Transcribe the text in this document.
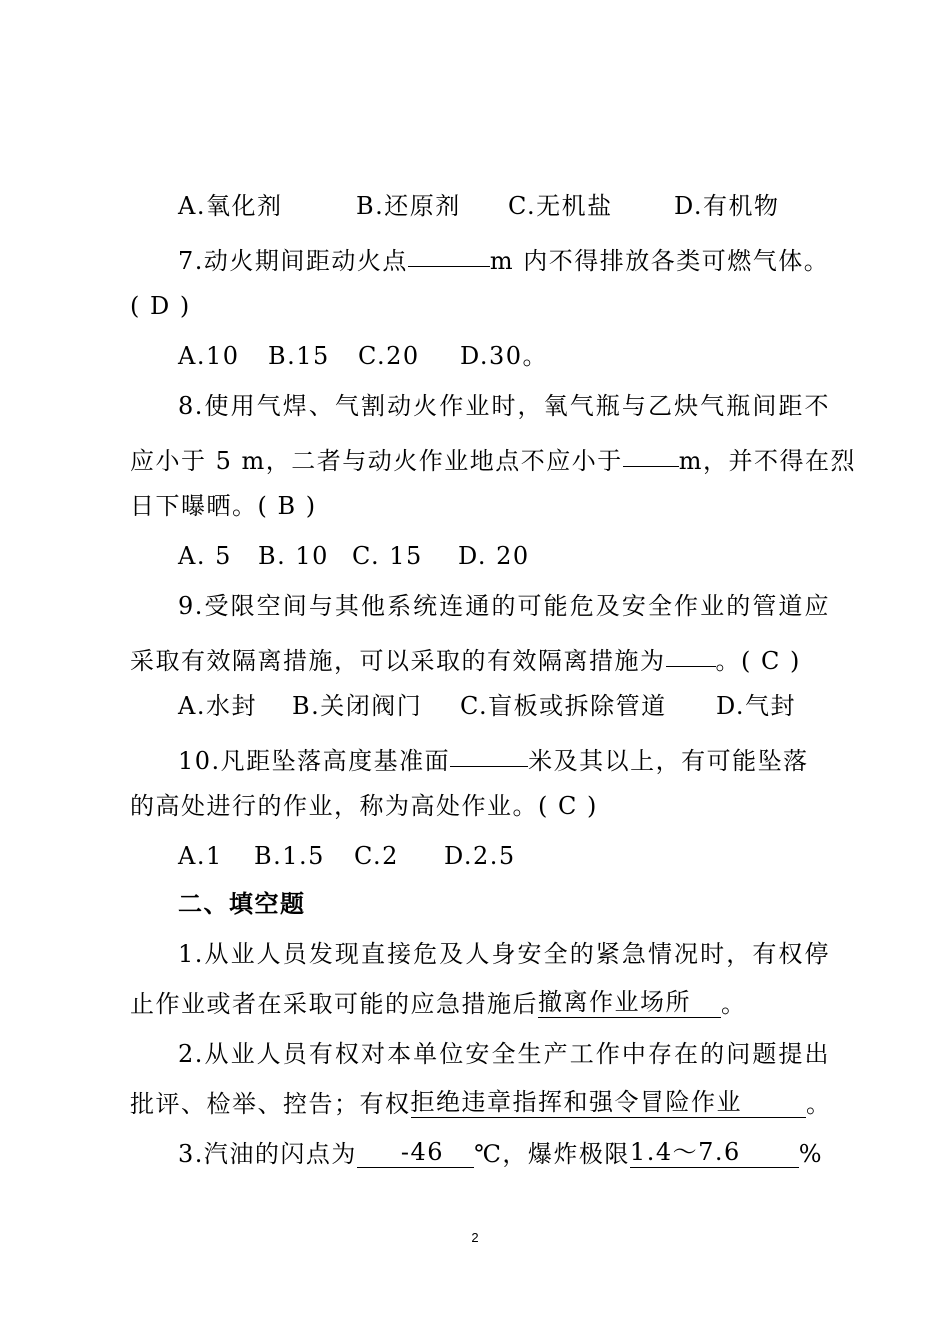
A.氧化剂	B.还原剂 C.无机盐	D.有机物
7.动火期间距动火点	m 内不得排放各类可燃气体。
( D )
A.10 B.15 C.20 D.30。
8.使用气焊、气割动火作业时，氧气瓶与乙炔气瓶间距不
应小于 5 m，二者与动火作业地点不应小于 m，并不得在烈
日下曝晒。( B )
A. 5 B. 10 C. 15 D. 20
9.受限空间与其他系统连通的可能危及安全作业的管道应
采取有效隔离措施，可以采取的有效隔离措施为 。( C )
A.水封 B.关闭阀门 C.盲板或拆除管道 D.气封
10.凡距坠落高度基准面	米及其以上，有可能坠落
的高处进行的作业，称为高处作业。( C )
A.1 B.1.5 C.2 D.2.5
二、填空题
1.从业人员发现直接危及人身安全的紧急情况时，有权停
止作业或者在采取可能的应急措施后撤离作业场所 。
2.从业人员有权对本单位安全生产工作中存在的问题提出
批评、检举、控告；有权拒绝违章指挥和强令冒险作业	。
3.汽油的闪点为 -46 ℃，爆炸极限1.4～7.6 %
2
